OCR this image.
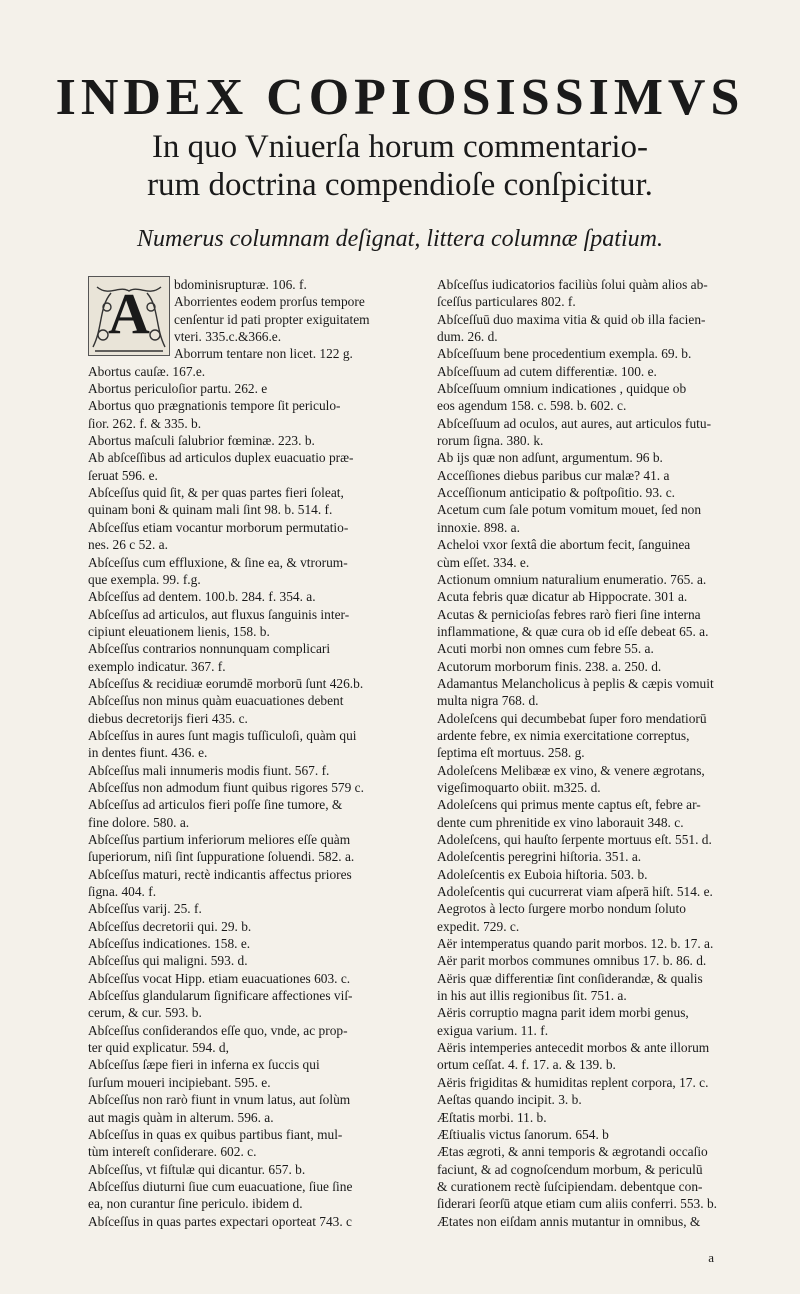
INDEX COPIOSISSIMVS
In quo Vniuerſa horum commentario-
rum doctrina compendioſe conſpicitur.
Numerus columnam deſignat, littera columnæ ſpatium.
A	bdominisrupturæ. 106. f.
Aborrientes eodem prorſus tempore
cenſentur id pati propter exiguitatem
vteri. 335.c.&366.e.
Aborrum tentare non licet. 122 g.
Abortus cauſæ. 167.e.
Abortus periculoſior partu. 262. e
Abortus quo prægnationis tempore ſit periculo-
ſior. 262. f. & 335. b.
Abortus maſculi ſalubrior fœminæ. 223. b.
Ab abſceſſibus ad articulos duplex euacuatio præ-
ſeruat 596. e.
Abſceſſus quid ſit, & per quas partes fieri ſoleat,
quinam boni & quinam mali ſint 98. b. 514. f.
Abſceſſus etiam vocantur morborum permutatio-
nes. 26 c 52. a.
Abſceſſus cum effluxione, & ſine ea, & vtrorum-
que exempla. 99. f.g.
Abſceſſus ad dentem. 100.b. 284. f. 354. a.
Abſceſſus ad articulos, aut fluxus ſanguinis inter-
cipiunt eleuationem lienis, 158. b.
Abſceſſus contrarios nonnunquam complicari
exemplo indicatur. 367. f.
Abſceſſus & recidiuæ eorumdē morborū ſunt 426.b.
Abſceſſus non minus quàm euacuationes debent
diebus decretorijs fieri 435. c.
Abſceſſus in aures ſunt magis tuſſiculoſi, quàm qui
in dentes fiunt. 436. e.
Abſceſſus mali innumeris modis fiunt. 567. f.
Abſceſſus non admodum fiunt quibus rigores 579 c.
Abſceſſus ad articulos fieri poſſe ſine tumore, &
fine dolore. 580. a.
Abſceſſus partium inferiorum meliores eſſe quàm
ſuperiorum, niſi ſint ſuppuratione ſoluendi. 582. a.
Abſceſſus maturi, rectè indicantis affectus priores
ſigna. 404. f.
Abſceſſus varij. 25. f.
Abſceſſus decretorii qui. 29. b.
Abſceſſus indicationes. 158. e.
Abſceſſus qui maligni. 593. d.
Abſceſſus vocat Hipp. etiam euacuationes 603. c.
Abſceſſus glandularum ſignificare affectiones viſ-
cerum, & cur. 593. b.
Abſceſſus conſiderandos eſſe quo, vnde, ac prop-
ter quid explicatur. 594. d,
Abſceſſus ſæpe fieri in inferna ex ſuccis qui
ſurſum moueri incipiebant. 595. e.
Abſceſſus non rarò fiunt in vnum latus, aut ſolùm
aut magis quàm in alterum. 596. a.
Abſceſſus in quas ex quibus partibus fiant, mul-
tùm intereſt conſiderare. 602. c.
Abſceſſus, vt fiſtulæ qui dicantur. 657. b.
Abſceſſus diuturni ſiue cum euacuatione, ſiue ſine
ea, non curantur ſine periculo. ibidem d.
Abſceſſus in quas partes expectari oporteat 743. c
Abſceſſus iudicatorios faciliùs ſolui quàm alios ab-
ſceſſus particulares 802. f.
Abſceſſuū duo maxima vitia & quid ob illa facien-
dum. 26. d.
Abſceſſuum bene procedentium exempla. 69. b.
Abſceſſuum ad cutem differentiæ. 100. e.
Abſceſſuum omnium indicationes , quidque ob
eos agendum 158. c. 598. b. 602. c.
Abſceſſuum ad oculos, aut aures, aut articulos futu-
rorum ſigna. 380. k.
Ab ijs quæ non adſunt, argumentum. 96 b.
Acceſſiones diebus paribus cur malæ? 41. a
Acceſſionum anticipatio & poſtpoſitio. 93. c.
Acetum cum ſale potum vomitum mouet, ſed non
innoxie. 898. a.
Acheloi vxor ſextâ die abortum fecit, ſanguinea
cùm eſſet. 334. e.
Actionum omnium naturalium enumeratio. 765. a.
Acuta febris quæ dicatur ab Hippocrate. 301 a.
Acutas & pernicioſas febres rarò fieri ſine interna
inflammatione, & quæ cura ob id eſſe debeat 65. a.
Acuti morbi non omnes cum febre 55. a.
Acutorum morborum finis. 238. a. 250. d.
Adamantus Melancholicus à peplis & cæpis vomuit
multa nigra 768. d.
Adoleſcens qui decumbebat ſuper foro mendatiorū
ardente febre, ex nimia exercitatione correptus,
ſeptima eſt mortuus. 258. g.
Adoleſcens Melibææ ex vino, & venere ægrotans,
vigeſimoquarto obiit. m325. d.
Adoleſcens qui primus mente captus eſt, febre ar-
dente cum phrenitide ex vino laborauit 348. c.
Adoleſcens, qui hauſto ſerpente mortuus eſt. 551. d.
Adoleſcentis peregrini hiſtoria. 351. a.
Adoleſcentis ex Euboia hiſtoria. 503. b.
Adoleſcentis qui cucurrerat viam aſperā hiſt. 514. e.
Aegrotos à lecto ſurgere morbo nondum ſoluto
expedit. 729. c.
Aër intemperatus quando parit morbos. 12. b. 17. a.
Aër parit morbos communes omnibus 17. b. 86. d.
Aëris quæ differentiæ ſint conſiderandæ, & qualis
in his aut illis regionibus ſit. 751. a.
Aëris corruptio magna parit idem morbi genus,
exigua varium. 11. f.
Aëris intemperies antecedit morbos & ante illorum
ortum ceſſat. 4. f. 17. a. & 139. b.
Aëris frigiditas & humiditas replent corpora, 17. c.
Aeſtas quando incipit. 3. b.
Æſtatis morbi. 11. b.
Æſtiualis victus ſanorum. 654. b
Ætas ægroti, & anni temporis & ægrotandi occaſio
faciunt, & ad cognoſcendum morbum, & periculū
& curationem rectè ſuſcipiendam. debentque con-
ſiderari ſeorſū atque etiam cum aliis conferri. 553. b.
Ætates non eiſdam annis mutantur in omnibus, &
a
